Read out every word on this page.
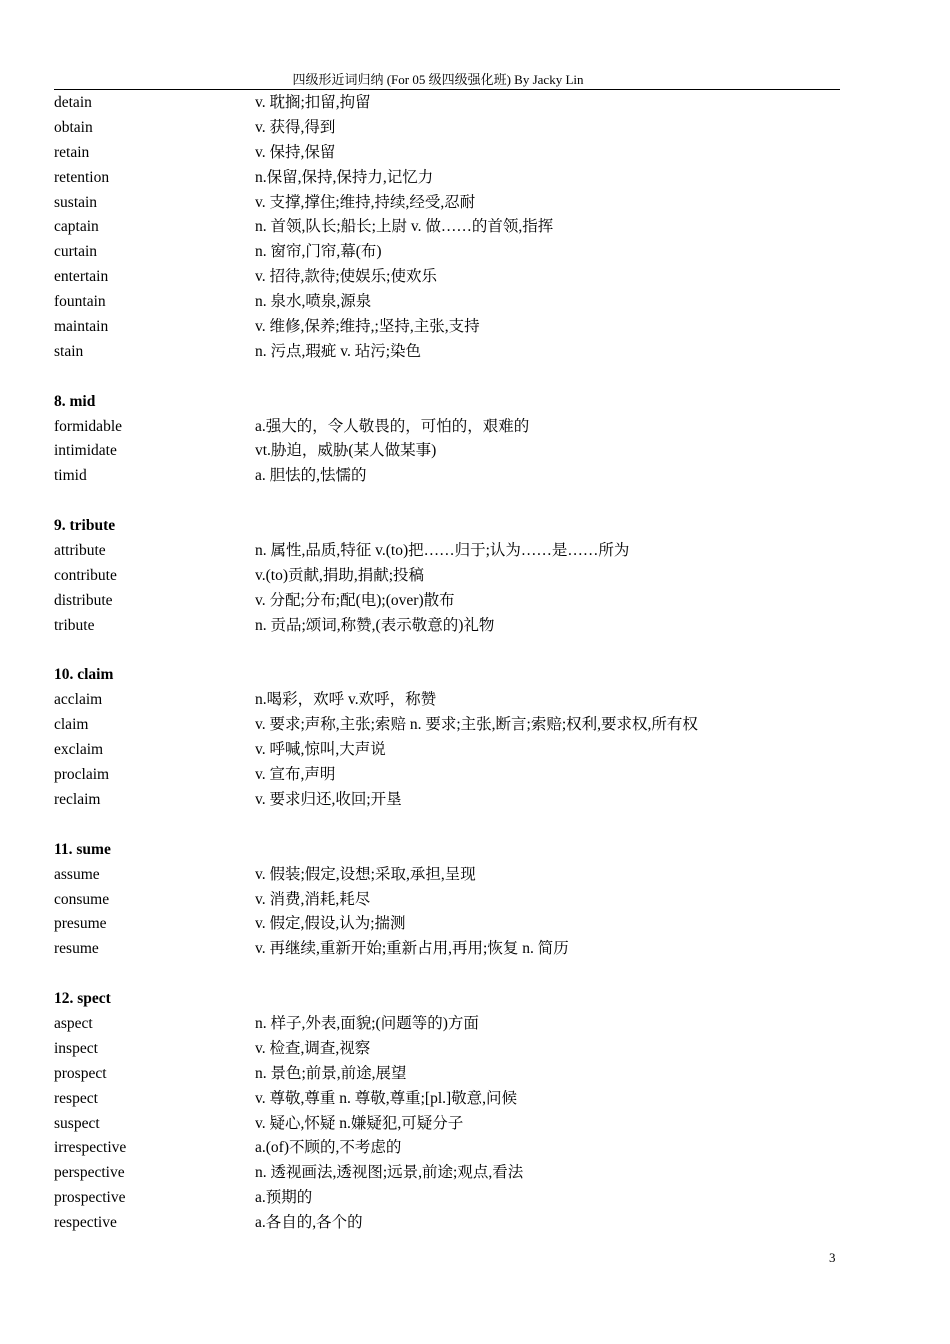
四级形近词归纳 (For 05 级四级强化班) By Jacky Lin
detain	v. 耽搁;扣留,拘留
obtain	v. 获得,得到
retain	v. 保持,保留
retention	n.保留,保持,保持力,记忆力
sustain	v. 支撑,撑住;维持,持续,经受,忍耐
captain	n. 首领,队长;船长;上尉 v. 做……的首领,指挥
curtain	n. 窗帘,门帘,幕(布)
entertain	v. 招待,款待;使娱乐;使欢乐
fountain	n. 泉水,喷泉,源泉
maintain	v. 维修,保养;维持,;坚持,主张,支持
stain	n. 污点,瑕疵 v. 玷污;染色
8. mid
formidable	a.强大的，令人敬畏的，可怕的，艰难的
intimidate	vt.胁迫，威胁(某人做某事)
timid	a. 胆怯的,怯懦的
9. tribute
attribute	n. 属性,品质,特征 v.(to)把……归于;认为……是……所为
contribute	v.(to)贡献,捐助,捐献;投稿
distribute	v. 分配;分布;配(电);(over)散布
tribute	n. 贡品;颂词,称赞,(表示敬意的)礼物
10. claim
acclaim	n.喝彩，欢呼 v.欢呼，称赞
claim	v. 要求;声称,主张;索赔 n. 要求;主张,断言;索赔;权利,要求权,所有权
exclaim	v. 呼喊,惊叫,大声说
proclaim	v. 宣布,声明
reclaim	v. 要求归还,收回;开垦
11. sume
assume	v. 假装;假定,设想;采取,承担,呈现
consume	v. 消费,消耗,耗尽
presume	v. 假定,假设,认为;揣测
resume	v. 再继续,重新开始;重新占用,再用;恢复 n. 简历
12. spect
aspect	n. 样子,外表,面貌;(问题等的)方面
inspect	v. 检查,调查,视察
prospect	n. 景色;前景,前途,展望
respect	v. 尊敬,尊重 n. 尊敬,尊重;[pl.]敬意,问候
suspect	v. 疑心,怀疑 n.嫌疑犯,可疑分子
irrespective	a.(of)不顾的,不考虑的
perspective	n. 透视画法,透视图;远景,前途;观点,看法
prospective	a.预期的
respective	a.各自的,各个的
3
